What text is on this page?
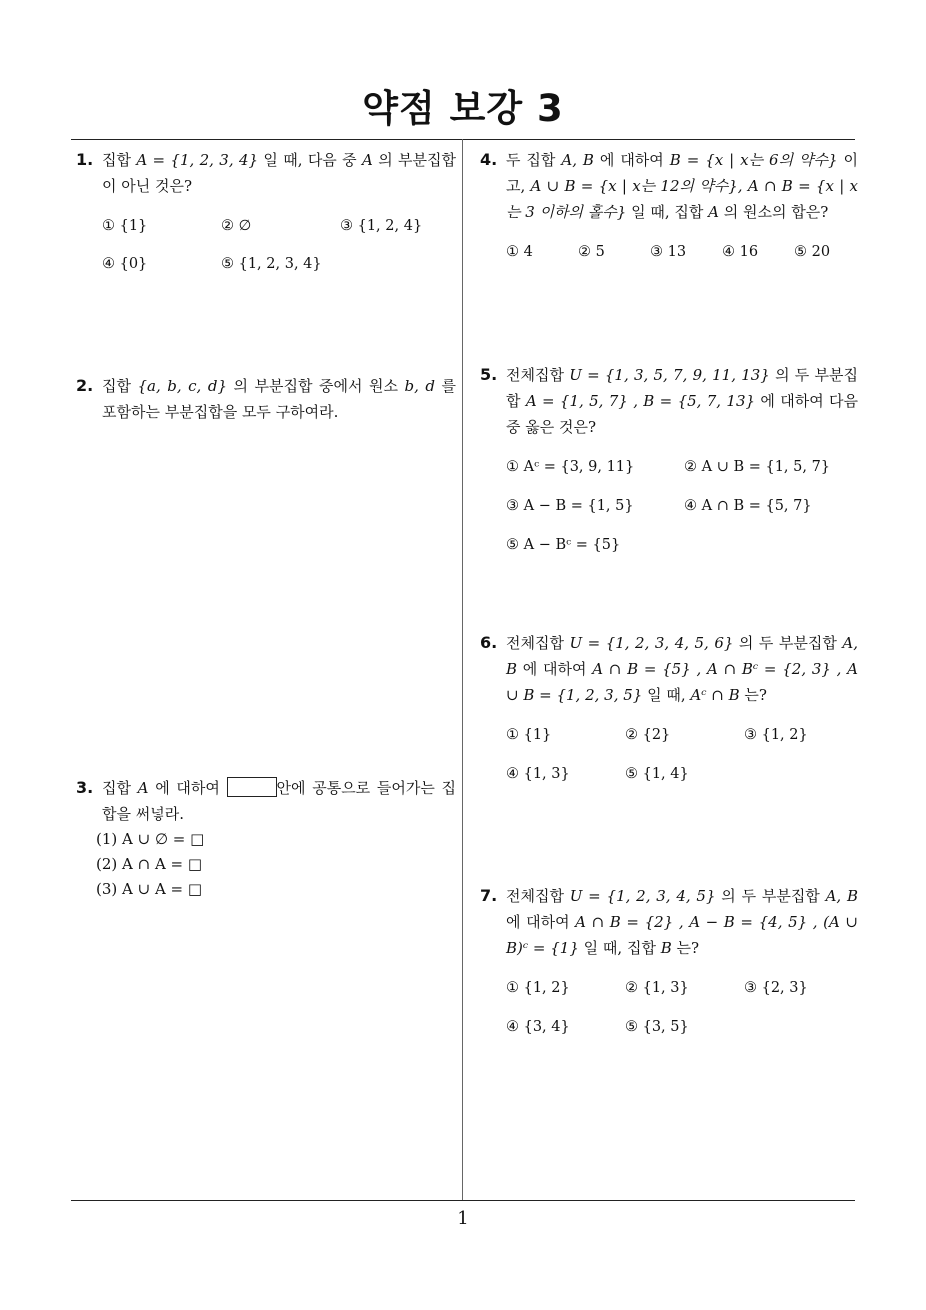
약점 보강 3
1. 집합 A = {1, 2, 3, 4} 일 때, 다음 중 A 의 부분집합이 아닌 것은?
① {1}	② ∅	③ {1, 2, 4}
④ {0}	⑤ {1, 2, 3, 4}
2. 집합 {a, b, c, d} 의 부분집합 중에서 원소 b, d 를 포함하는 부분집합을 모두 구하여라.
3. 집합 A 에 대하여	안에 공통으로 들어가는 집합을 써넣라.
(1) A ∪ ∅ = □
(2) A ∩ A = □
(3) A ∪ A = □
4. 두 집합 A, B 에 대하여 B = {x | x는 6의 약수} 이고, A ∪ B = {x | x는 12의 약수}, A ∩ B = {x | x는 3 이하의 홀수} 일 때, 집합 A 의 원소의 합은?
① 4	② 5	③ 13 ④ 16 ⑤ 20
5. 전체집합 U = {1, 3, 5, 7, 9, 11, 13} 의 두 부분집합 A = {1, 5, 7} , B = {5, 7, 13} 에 대하여 다음 중 옳은 것은?
① Aᶜ = {3, 9, 11}	② A ∪ B = {1, 5, 7}
③ A − B = {1, 5}	④ A ∩ B = {5, 7}
⑤ A − Bᶜ = {5}
6. 전체집합 U = {1, 2, 3, 4, 5, 6} 의 두 부분집합 A, B 에 대하여 A ∩ B = {5} , A ∩ Bᶜ = {2, 3} , A ∪ B = {1, 2, 3, 5} 일 때, Aᶜ ∩ B 는?
① {1}	② {2}	③ {1, 2}
④ {1, 3}	⑤ {1, 4}
7. 전체집합 U = {1, 2, 3, 4, 5} 의 두 부분집합 A, B 에 대하여 A ∩ B = {2} , A − B = {4, 5} , (A ∪ B)ᶜ = {1} 일 때, 집합 B 는?
① {1, 2}	② {1, 3}	③ {2, 3}
④ {3, 4}	⑤ {3, 5}
1
